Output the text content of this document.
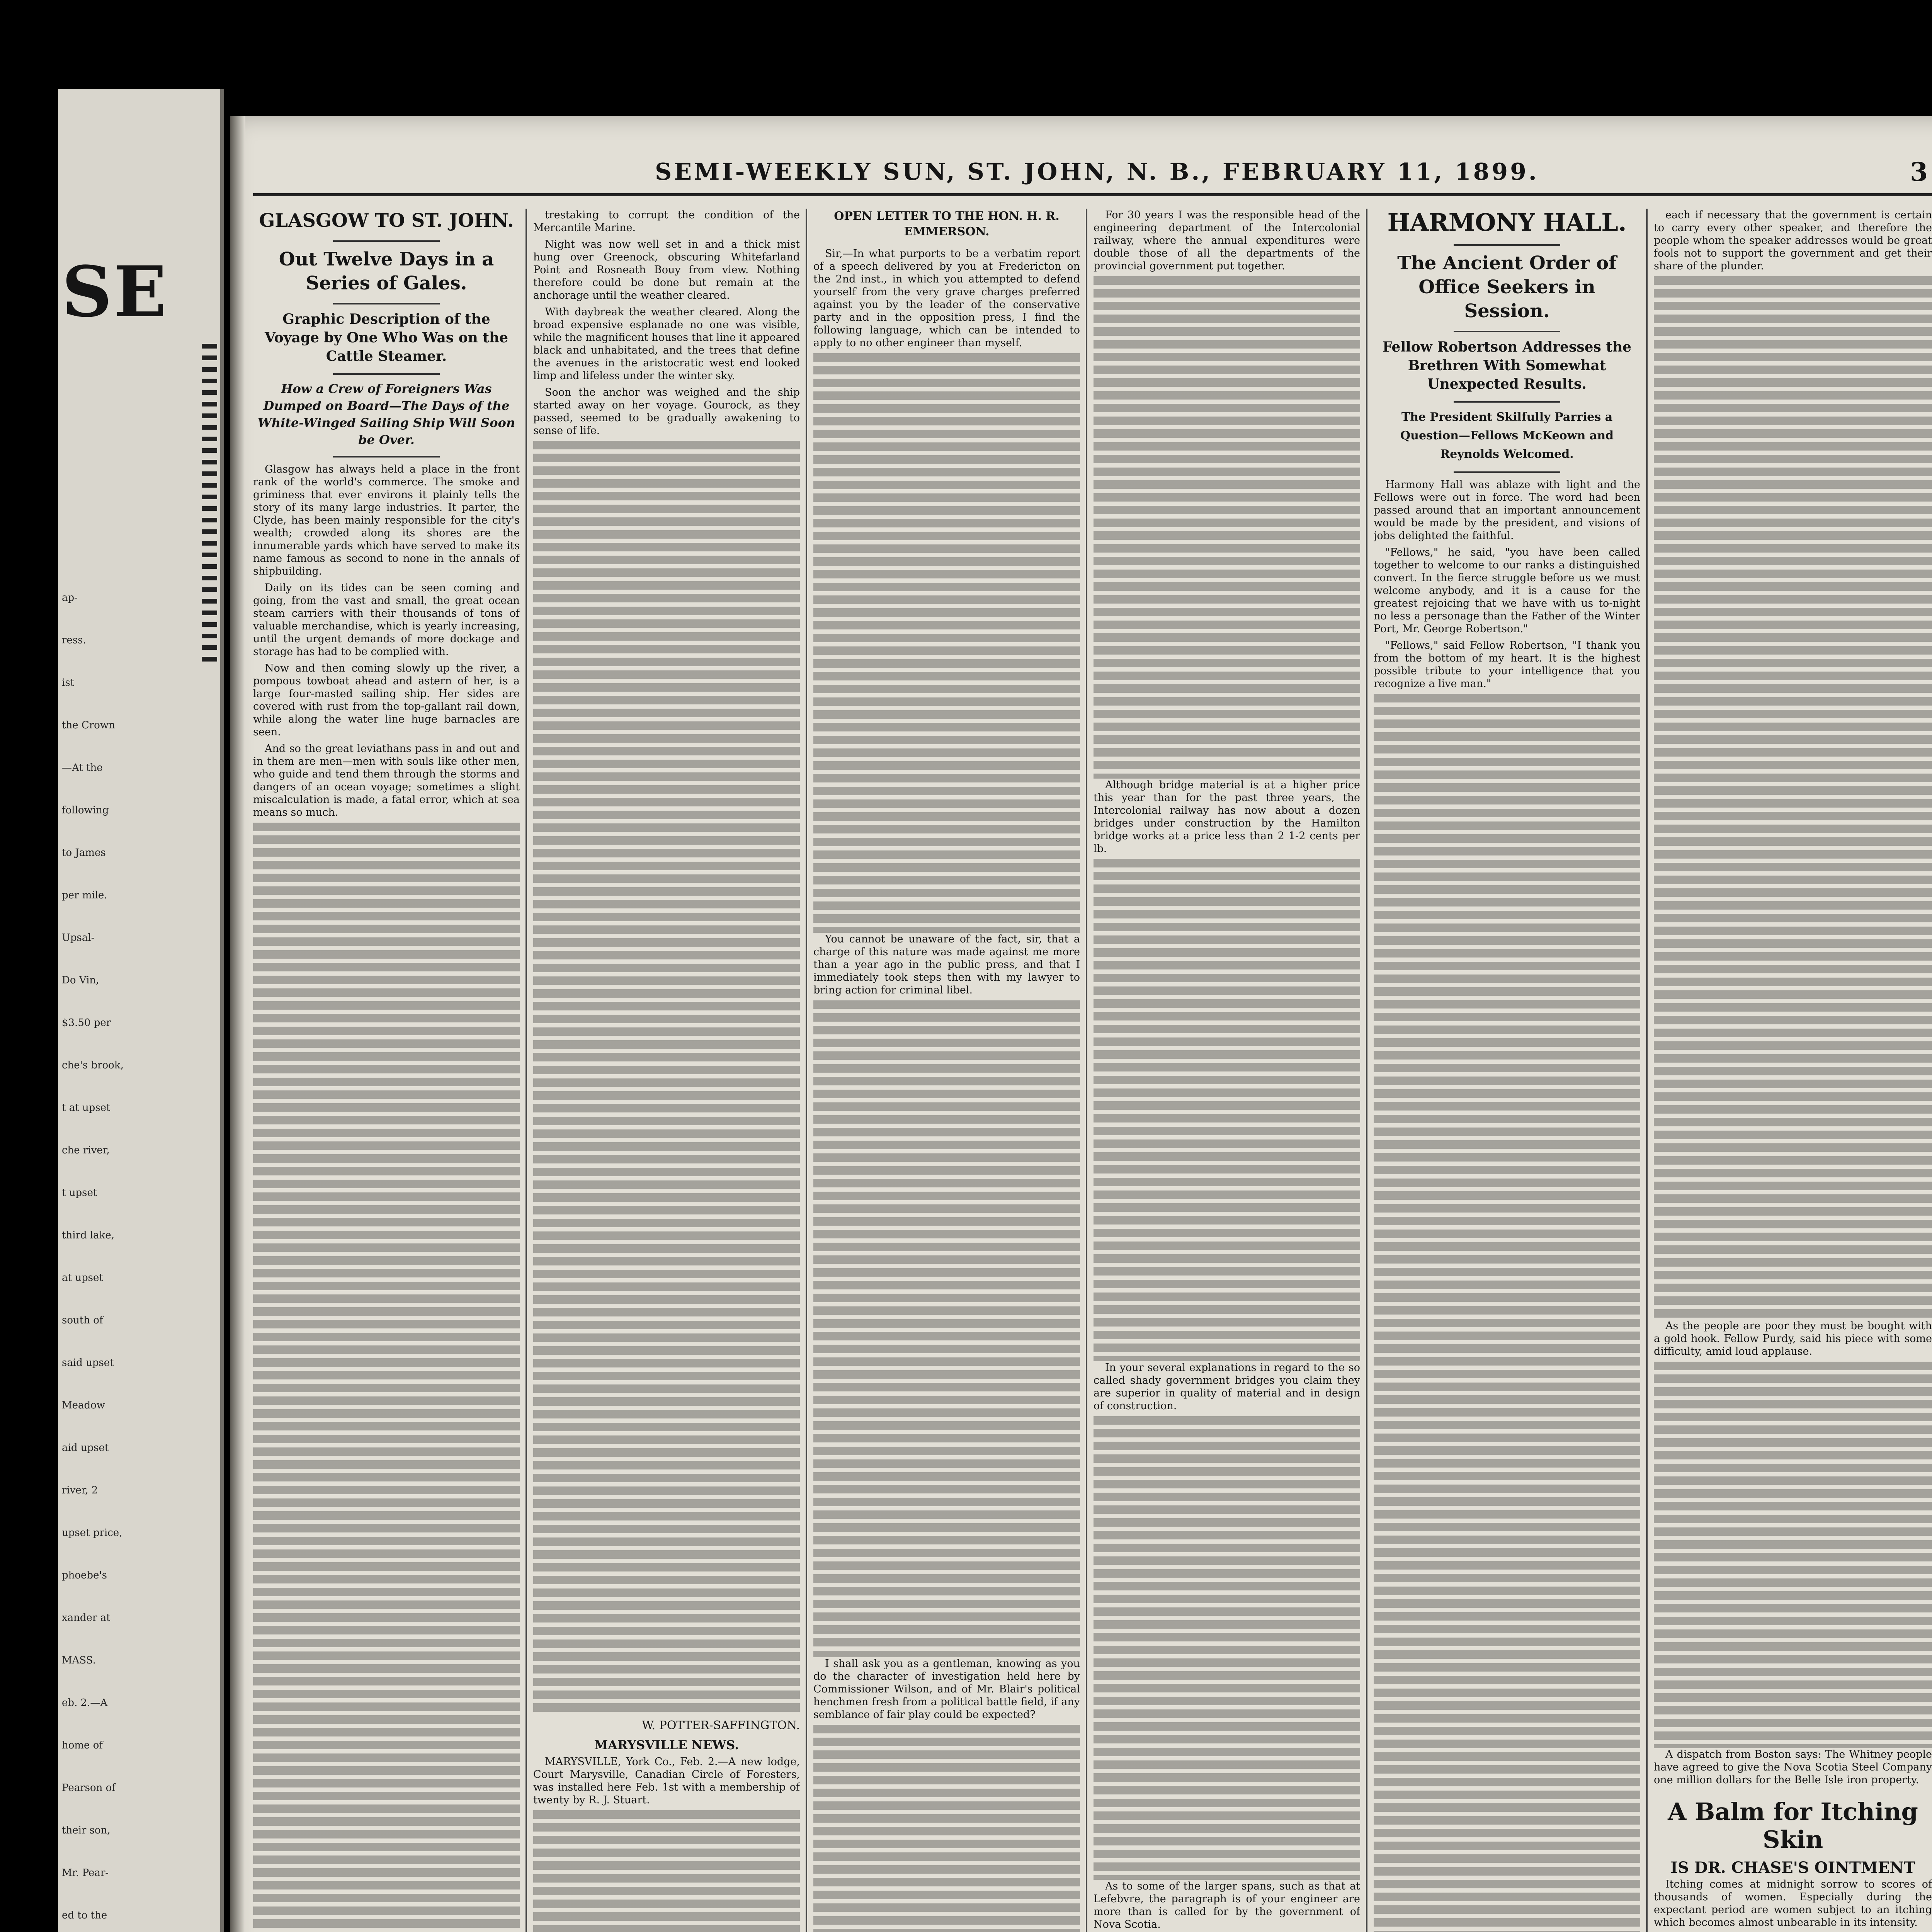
SE
ap-
ress.
ist
the Crown
—At the
following
to James
per mile.
Upsal-
Do Vin,
$3.50 per
che's brook,
t at upset
che river,
t upset
third lake,
at upset
south of
said upset
Meadow
aid upset
river, 2
upset price,
phoebe's
xander at
MASS.
eb. 2.—A
home of
Pearson of
their son,
Mr. Pear-
ed to the
SEMI-WEEKLY SUN, ST. JOHN, N. B., FEBRUARY 11, 1899.	3
GLASGOW TO ST. JOHN.
Out Twelve Days in a Series of Gales.
Graphic Description of the Voyage by One Who Was on the Cattle Steamer.
How a Crew of Foreigners Was Dumped on Board—The Days of the White-Winged Sailing Ship Will Soon be Over.

Glasgow has always held a place in the front rank of the world's commerce. The smoke and griminess that ever environs it plainly tells the story of its many large industries. It parter, the Clyde, has been mainly responsible for the city's wealth; crowded along its shores are the innumerable yards which have served to make its name famous as second to none in the annals of shipbuilding.

Daily on its tides can be seen coming and going, from the vast and small, the great ocean steam carriers with their thousands of tons of valuable merchandise, which is yearly increasing, until the urgent demands of more dockage and storage has had to be complied with.

Now and then coming slowly up the river, a pompous towboat ahead and astern of her, is a large four-masted sailing ship. Her sides are covered with rust from the top-gallant rail down, while along the water line huge barnacles are seen.

And so the great leviathans pass in and out and in them are men—men with souls like other men, who guide and tend them through the storms and dangers of an ocean voyage; sometimes a slight miscalculation is made, a fatal error, which at sea means so much.

trestaking to corrupt the condition of the Mercantile Marine.

Night was now well set in and a thick mist hung over Greenock, obscuring Whitefarland Point and Rosneath Bouy from view. Nothing therefore could be done but remain at the anchorage until the weather cleared.

With daybreak the weather cleared. Along the broad expensive esplanade no one was visible, while the magnificent houses that line it appeared black and unhabitated, and the trees that define the avenues in the aristocratic west end looked limp and lifeless under the winter sky.

Soon the anchor was weighed and the ship started away on her voyage. Gourock, as they passed, seemed to be gradually awakening to sense of life.

W. POTTER-SAFFINGTON.
MARYSVILLE NEWS.

MARYSVILLE, York Co., Feb. 2.—A new lodge, Court Marysville, Canadian Circle of Foresters, was installed here Feb. 1st with a membership of twenty by R. J. Stuart.

OPEN LETTER TO THE HON. H. R. EMMERSON.

Sir,—In what purports to be a verbatim report of a speech delivered by you at Fredericton on the 2nd inst., in which you attempted to defend yourself from the very grave charges preferred against you by the leader of the conservative party and in the opposition press, I find the following language, which can be intended to apply to no other engineer than myself.

You cannot be unaware of the fact, sir, that a charge of this nature was made against me more than a year ago in the public press, and that I immediately took steps then with my lawyer to bring action for criminal libel.

I shall ask you as a gentleman, knowing as you do the character of investigation held here by Commissioner Wilson, and of Mr. Blair's political henchmen fresh from a political battle field, if any semblance of fair play could be expected?

For 30 years I was the responsible head of the engineering department of the Intercolonial railway, where the annual expenditures were double those of all the departments of the provincial government put together.

Although bridge material is at a higher price this year than for the past three years, the Intercolonial railway has now about a dozen bridges under construction by the Hamilton bridge works at a price less than 2 1-2 cents per lb.

In your several explanations in regard to the so called shady government bridges you claim they are superior in quality of material and in design of construction.

As to some of the larger spans, such as that at Lefebvre, the paragraph is of your engineer are more than is called for by the government of Nova Scotia.

HARMONY HALL.
The Ancient Order of Office Seekers in Session.
Fellow Robertson Addresses the Brethren With Somewhat Unexpected Results.
The President Skilfully Parries a Question—Fellows McKeown and Reynolds Welcomed.

Harmony Hall was ablaze with light and the Fellows were out in force. The word had been passed around that an important announcement would be made by the president, and visions of jobs delighted the faithful.

"Fellows," he said, "you have been called together to welcome to our ranks a distinguished convert. In the fierce struggle before us we must welcome anybody, and it is a cause for the greatest rejoicing that we have with us to-night no less a personage than the Father of the Winter Port, Mr. George Robertson."

"Fellows," said Fellow Robertson, "I thank you from the bottom of my heart. It is the highest possible tribute to your intelligence that you recognize a live man."

each if necessary that the government is certain to carry every other speaker, and therefore the people whom the speaker addresses would be great fools not to support the government and get their share of the plunder.

As the people are poor they must be bought with a gold hook. Fellow Purdy, said his piece with some difficulty, amid loud applause.

A dispatch from Boston says: The Whitney people have agreed to give the Nova Scotia Steel Company one million dollars for the Belle Isle iron property.

A Balm for Itching Skin
IS DR. CHASE'S OINTMENT

Itching comes at midnight sorrow to scores of thousands of women. Especially during the expectant period are women subject to an itching which becomes almost unbearable in its intensity.
